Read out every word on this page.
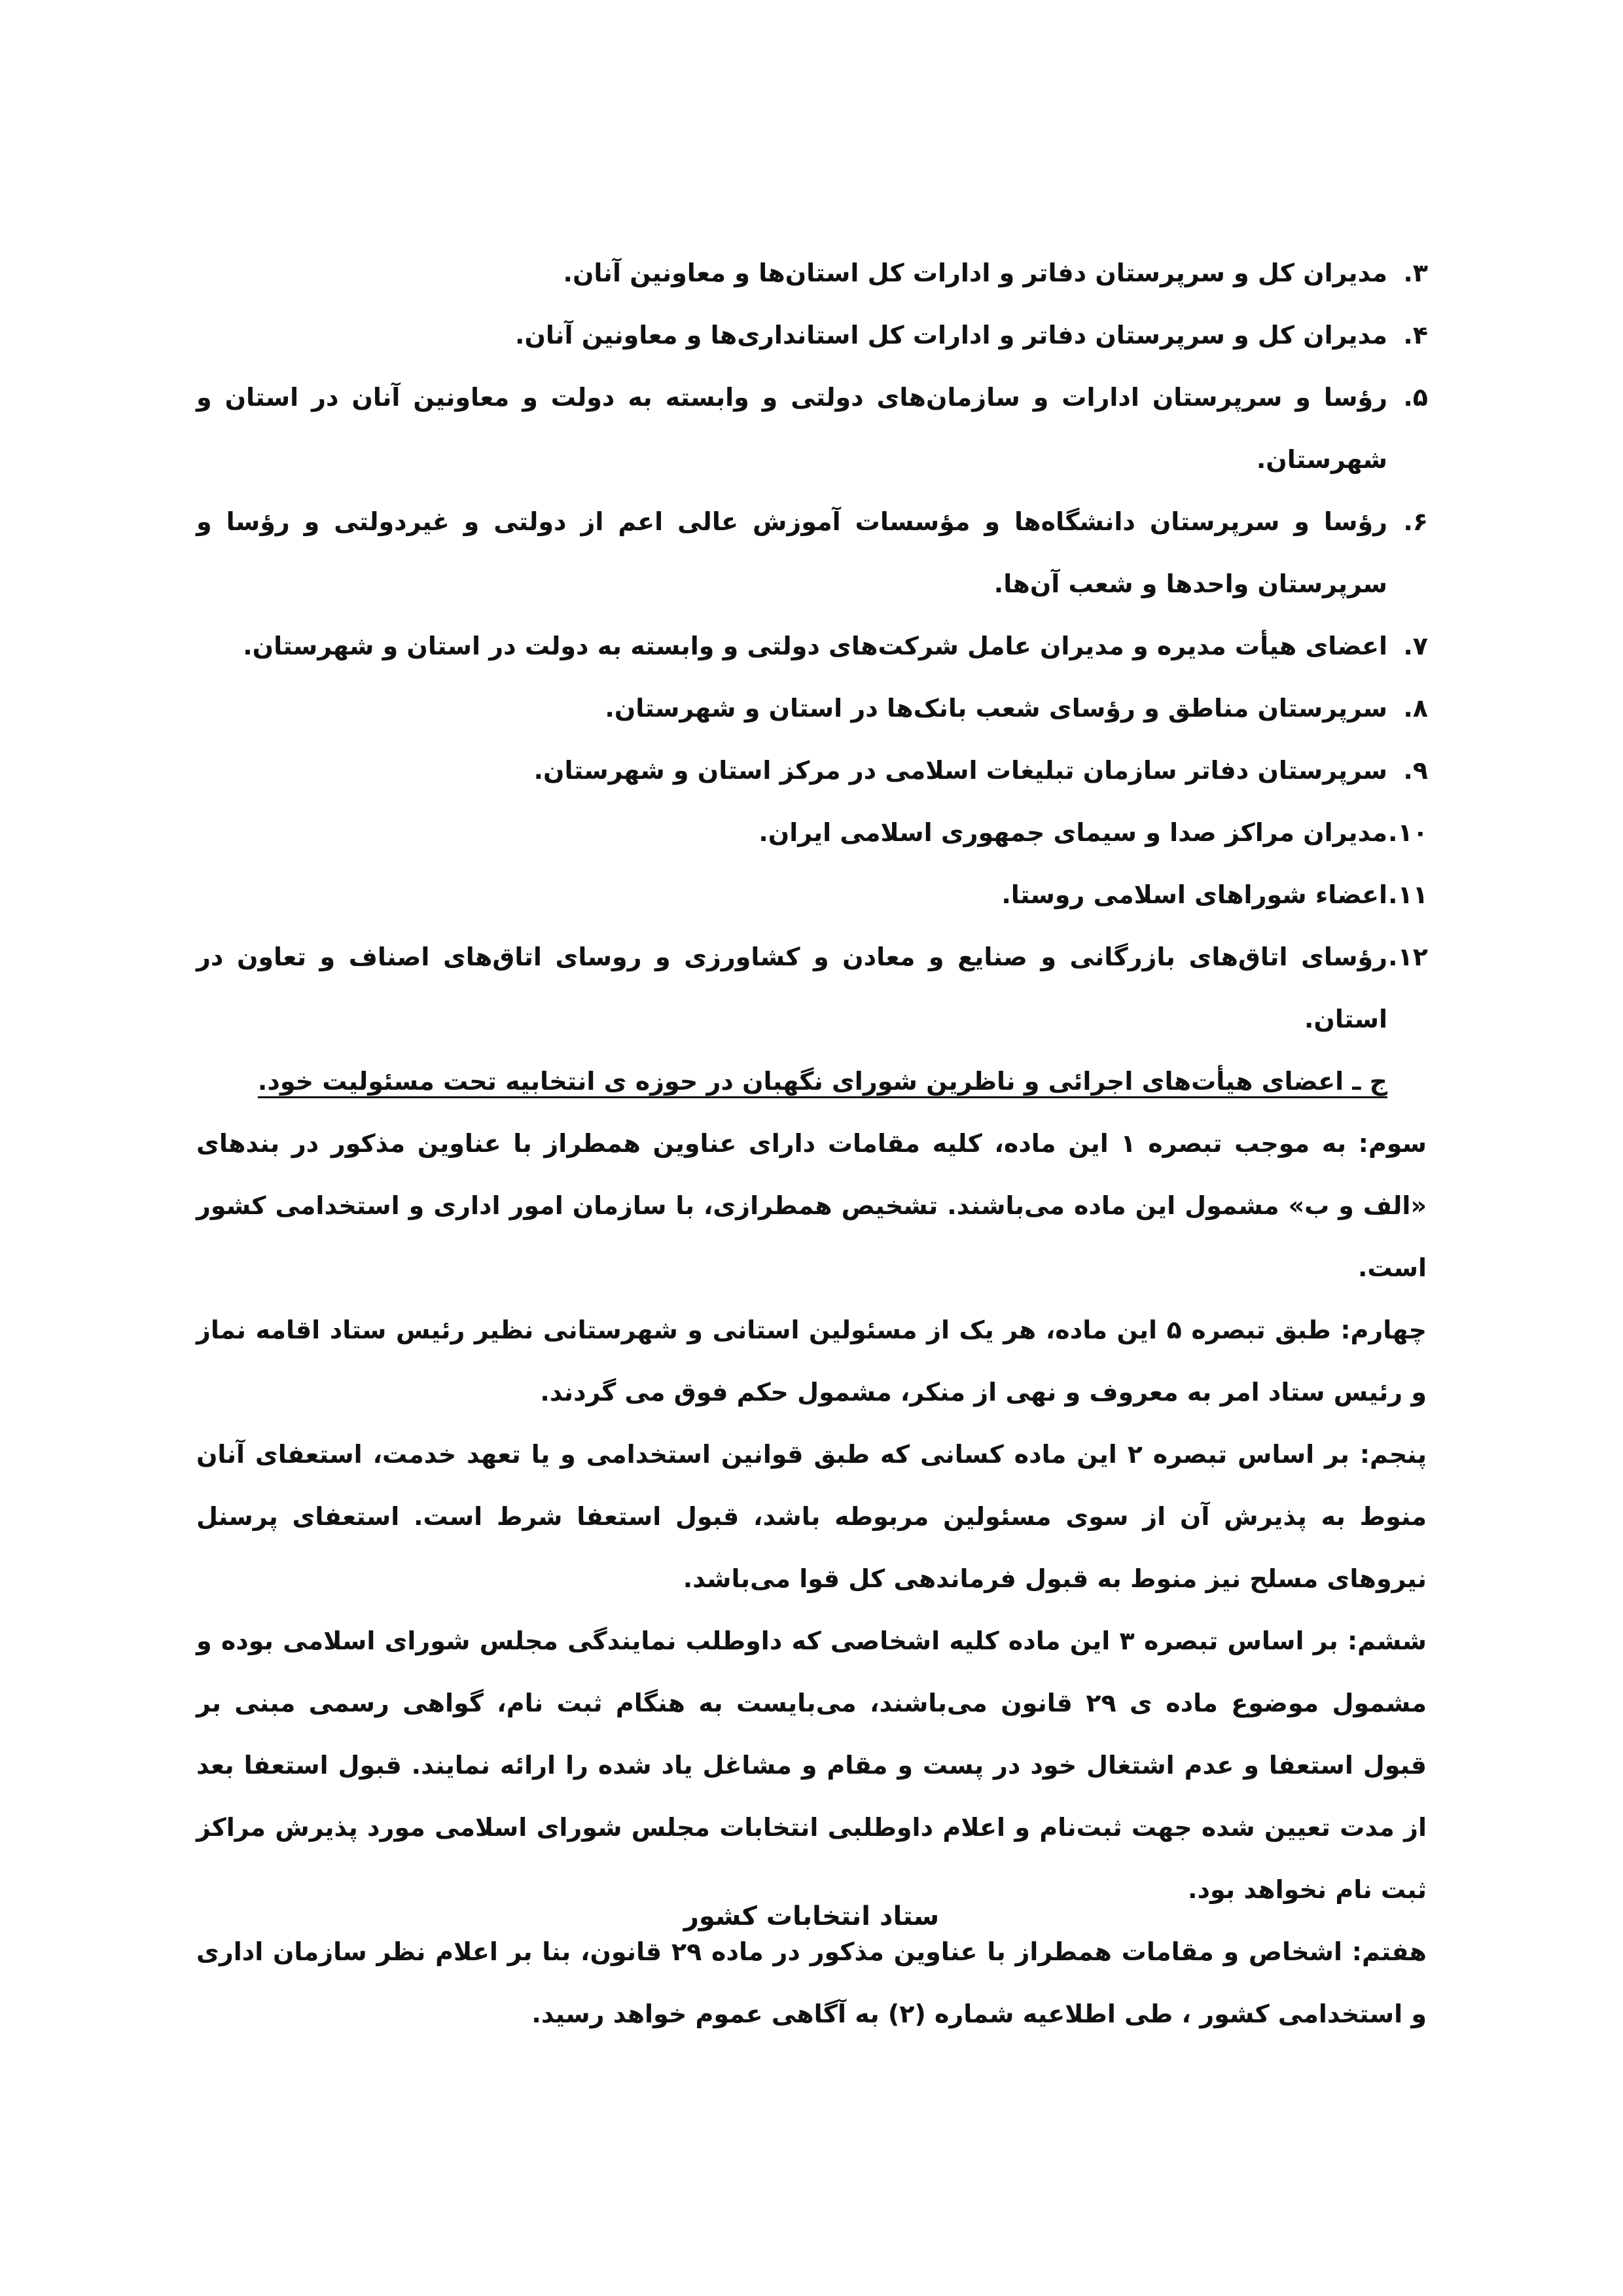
۳.
مدیران کل و سرپرستان دفاتر و ادارات کل استان‌ها و معاونین آنان.
۴.
مدیران کل و سرپرستان دفاتر و ادارات کل استانداری‌ها و معاونین آنان.
۵.
رؤسا و سرپرستان ادارات و سازمان‌های دولتی و وابسته به دولت و معاونین آنان در استان و شهرستان.
۶.
رؤسا و سرپرستان دانشگاه‌ها و مؤسسات آموزش عالی اعم از دولتی و غیردولتی و رؤسا و سرپرستان واحدها و شعب آن‌ها.
۷.
اعضای هیأت مدیره و مدیران عامل شرکت‌های دولتی و وابسته به دولت در استان و شهرستان.
۸.
سرپرستان مناطق و رؤسای شعب بانک‌ها در استان و شهرستان.
۹.
سرپرستان دفاتر سازمان تبلیغات اسلامی در مرکز استان و شهرستان.
۱۰.
مدیران مراکز صدا و سیمای جمهوری اسلامی ایران.
۱۱.
اعضاء شوراهای اسلامی روستا.
۱۲.
رؤسای اتاق‌های بازرگانی و صنایع و معادن و کشاورزی و روسای اتاق‌های اصناف و تعاون در استان.

ج ـ اعضای هیأت‌های اجرائی و ناظرین شورای نگهبان در حوزه ی انتخابیه تحت مسئولیت خود.

سوم: به موجب تبصره ۱ این ماده، کلیه مقامات دارای عناوین همطراز با عناوین مذکور در بندهای «الف و ب» مشمول این ماده می‌باشند. تشخیص همطرازی، با سازمان امور اداری و استخدامی کشور است.

چهارم: طبق تبصره ۵ این ماده، هر یک از مسئولین استانی و شهرستانی نظیر رئیس ستاد اقامه نماز و رئیس ستاد امر به معروف و نهی از منکر، مشمول حکم فوق می گردند.

پنجم: بر اساس تبصره ۲ این ماده کسانی که طبق قوانین استخدامی و یا تعهد خدمت، استعفای آنان منوط به پذیرش آن از سوی مسئولین مربوطه باشد، قبول استعفا شرط است. استعفای پرسنل نیروهای مسلح نیز منوط به قبول فرماندهی کل قوا می‌باشد.

ششم: بر اساس تبصره ۳ این ماده کلیه اشخاصی که داوطلب نمایندگی مجلس شورای اسلامی بوده و مشمول موضوع ماده ی ۲۹ قانون می‌باشند، می‌بایست به هنگام ثبت نام، گواهی رسمی مبنی بر قبول استعفا و عدم اشتغال خود در پست و مقام و مشاغل یاد شده را ارائه نمایند. قبول استعفا بعد از مدت تعیین شده جهت ثبت‌نام و اعلام داوطلبی انتخابات مجلس شورای اسلامی مورد پذیرش مراکز ثبت نام نخواهد بود.

هفتم: اشخاص و مقامات همطراز با عناوین مذکور در ماده ۲۹ قانون، بنا بر اعلام نظر سازمان اداری و استخدامی کشور ، طی اطلاعیه شماره (۲) به آگاهی عموم خواهد رسید.

ستاد انتخابات کشور
